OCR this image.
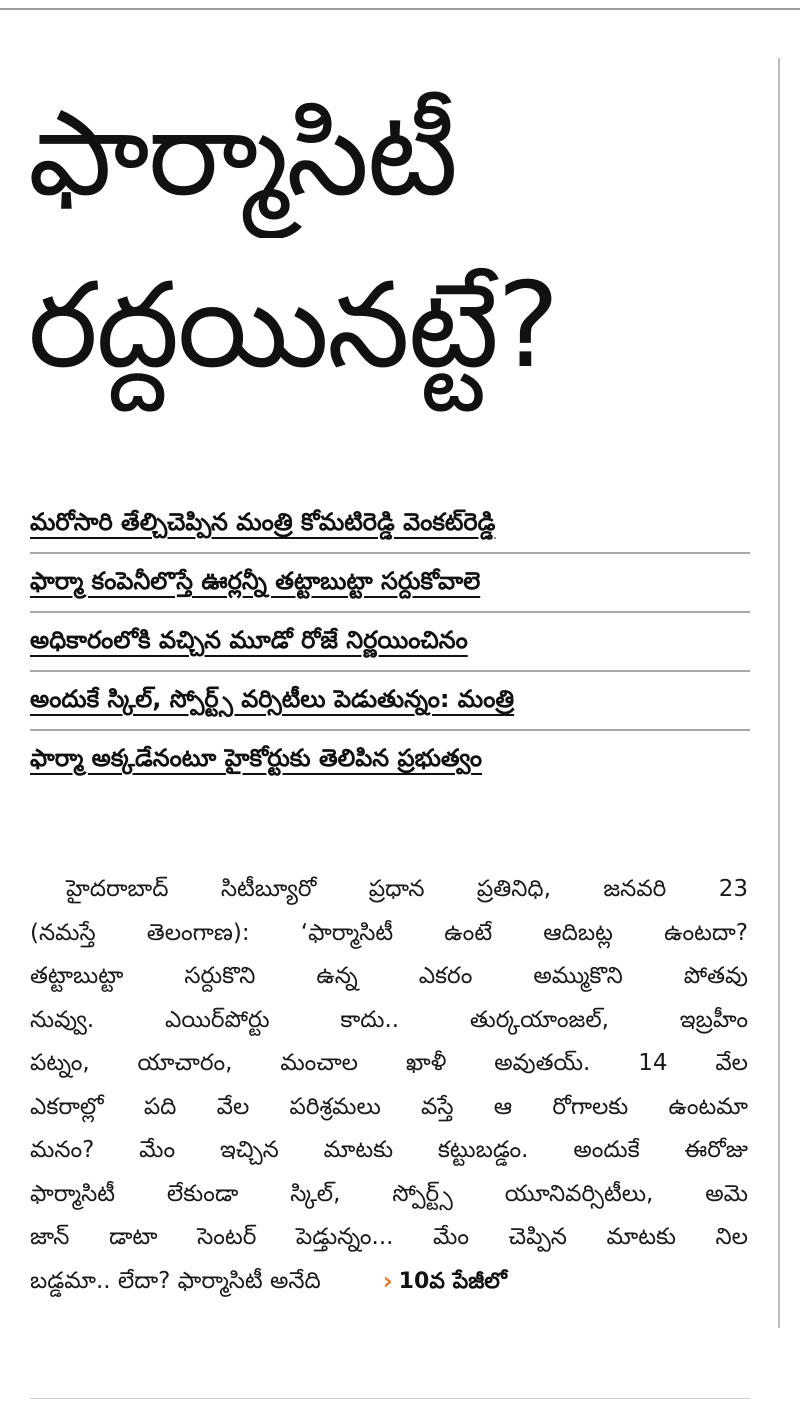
ఫార్మాసిటీ
రద్దయినట్టే?
మరోసారి తేల్చిచెప్పిన మంత్రి కోమటిరెడ్డి వెంకట్‌రెడ్డి
ఫార్మా కంపెనీలొస్తే ఊర్లన్నీ తట్టాబుట్టా సర్దుకోవాలె
అధికారంలోకి వచ్చిన మూడో రోజే నిర్ణయించినం
అందుకే స్కిల్, స్పోర్ట్స్ వర్సిటీలు పెడుతున్నం: మంత్రి
ఫార్మా అక్కడేనంటూ హైకోర్టుకు తెలిపిన ప్రభుత్వం
హైదరాబాద్ సిటీబ్యూరో ప్రధాన ప్రతినిధి, జనవరి 23
(నమస్తే తెలంగాణ): ‘ఫార్మాసిటీ ఉంటే ఆదిబట్ల ఉంటదా?
తట్టాబుట్టా సర్దుకొని ఉన్న ఎకరం అమ్ముకొని పోతవు
నువ్వు. ఎయిర్‌పోర్టు కాదు.. తుర్కయాంజల్, ఇబ్రహీం
పట్నం, యాచారం, మంచాల ఖాళీ అవుతయ్. 14 వేల
ఎకరాల్లో పది వేల పరిశ్రమలు వస్తే ఆ రోగాలకు ఉంటమా
మనం? మేం ఇచ్చిన మాటకు కట్టుబడ్డం. అందుకే ఈరోజు
ఫార్మాసిటీ లేకుండా స్కిల్, స్పోర్ట్స్ యూనివర్సిటీలు, అమె
జాన్ డాటా సెంటర్ పెడ్తున్నం... మేం చెప్పిన మాటకు నిల
బడ్డమా.. లేదా? ఫార్మాసిటీ అనేది	› 10వ పేజీలో
